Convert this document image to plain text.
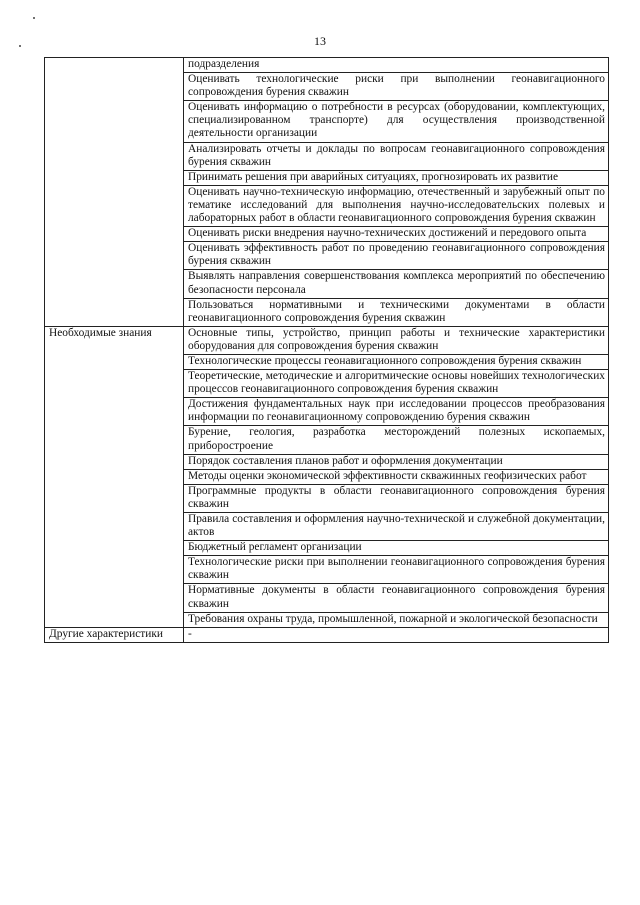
13
	подразделения
	Оценивать технологические риски при выполнении геонавигационного сопровождения бурения скважин
	Оценивать информацию о потребности в ресурсах (оборудовании, комплектующих, специализированном транспорте) для осуществления производственной деятельности организации
	Анализировать отчеты и доклады по вопросам геонавигационного сопровождения бурения скважин
	Принимать решения при аварийных ситуациях, прогнозировать их развитие
	Оценивать научно-техническую информацию, отечественный и зарубежный опыт по тематике исследований для выполнения научно-исследовательских полевых и лабораторных работ в области геонавигационного сопровождения бурения скважин
	Оценивать риски внедрения научно-технических достижений и передового опыта
	Оценивать эффективность работ по проведению геонавигационного сопровождения бурения скважин
	Выявлять направления совершенствования комплекса мероприятий по обеспечению безопасности персонала
	Пользоваться нормативными и техническими документами в области геонавигационного сопровождения бурения скважин
Необходимые знания	Основные типы, устройство, принцип работы и технические характеристики оборудования для сопровождения бурения скважин
	Технологические процессы геонавигационного сопровождения бурения скважин
	Теоретические, методические и алгоритмические основы новейших технологических процессов геонавигационного сопровождения бурения скважин
	Достижения фундаментальных наук при исследовании процессов преобразования информации по геонавигационному сопровождению бурения скважин
	Бурение, геология, разработка месторождений полезных ископаемых, приборостроение
	Порядок составления планов работ и оформления документации
	Методы оценки экономической эффективности скважинных геофизических работ
	Программные продукты в области геонавигационного сопровождения бурения скважин
	Правила составления и оформления научно-технической и служебной документации, актов
	Бюджетный регламент организации
	Технологические риски при выполнении геонавигационного сопровождения бурения скважин
	Нормативные документы в области геонавигационного сопровождения бурения скважин
	Требования охраны труда, промышленной, пожарной и экологической безопасности
Другие характеристики	-
